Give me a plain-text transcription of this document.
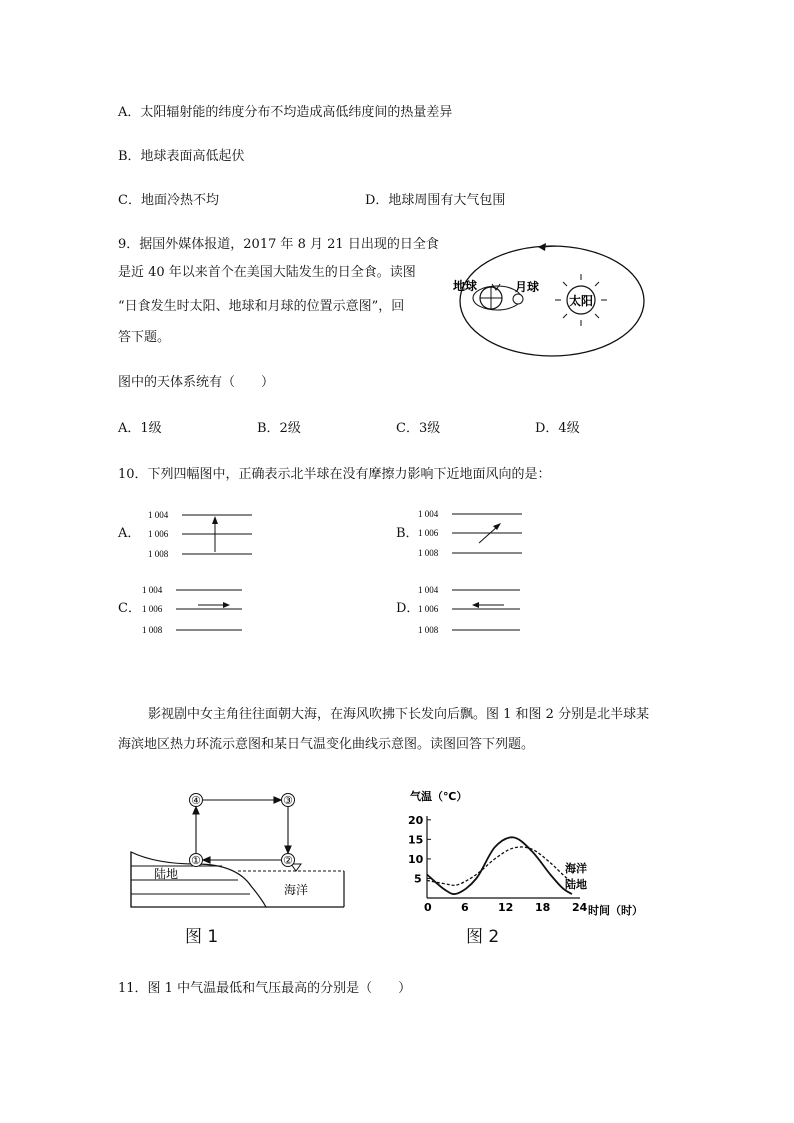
A．太阳辐射能的纬度分布不均造成高低纬度间的热量差异
B．地球表面高低起伏
C．地面冷热不均	D．地球周围有大气包围
9．据国外媒体报道，2017 年 8 月 21 日出现的日全食
是近 40 年以来首个在美国大陆发生的日全食。读图
“日食发生时太阳、地球和月球的位置示意图”，回
答下题。
地球	月球
太阳
图中的天体系统有（　　）
A．1级	B．2级	C．3级	D．4级
10．下列四幅图中，正确表示北半球在没有摩擦力影响下近地面风向的是：
A．
1 004
1 006
1 008
B．
1 004
1 006
1 008
C．
1 004
1 006
1 008
D．
1 004
1 006
1 008
影视剧中女主角往往面朝大海，在海风吹拂下长发向后飘。图 1 和图 2 分别是北半球某
海滨地区热力环流示意图和某日气温变化曲线示意图。读图回答下列题。
④	③
①	②
陆地
海洋
图 1
气温（℃）
时间（时）
0	6	12 18 24
5
10
15
20
海洋
陆地
图 2
11．图 1 中气温最低和气压最高的分别是（　　）
